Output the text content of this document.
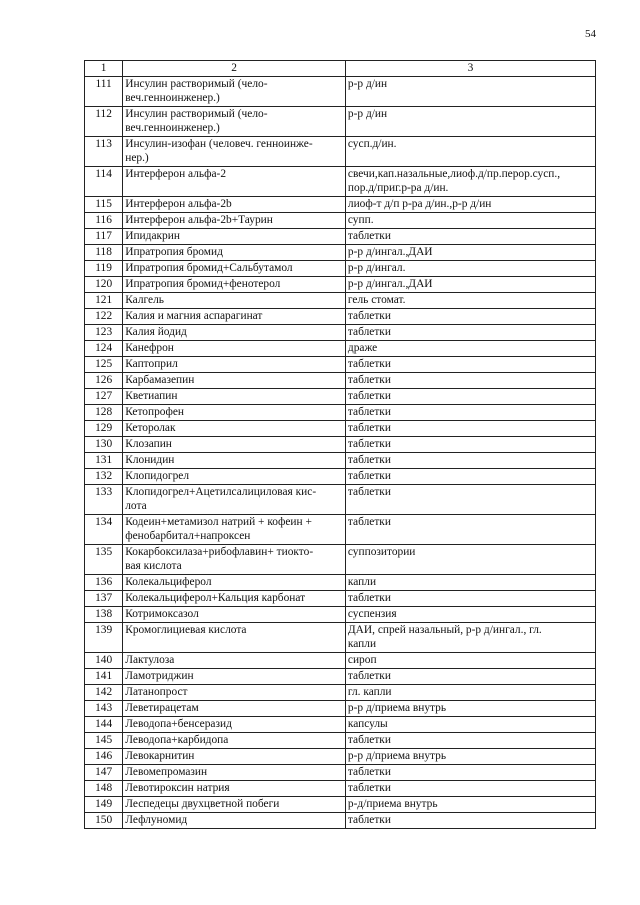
54
1	2	3
111	Инсулин растворимый (чело-
веч.генноинженер.)	р-р д/ин
112	Инсулин растворимый (чело-
веч.генноинженер.)	р-р д/ин
113	Инсулин-изофан (человеч. генноинже-
нер.)	сусп.д/ин.
114	Интерферон альфа-2	свечи,кап.назальные,лиоф.д/пр.перор.сусп.,
пор.д/приг.р-ра д/ин.
115	Интерферон альфа-2b	лиоф-т д/п р-ра д/ин.,р-р д/ин
116	Интерферон альфа-2b+Таурин	супп.
117	Ипидакрин	таблетки
118	Ипратропия бромид	р-р д/ингал.,ДАИ
119	Ипратропия бромид+Сальбутамол	р-р д/ингал.
120	Ипратропия бромид+фенотерол	р-р д/ингал.,ДАИ
121	Калгель	гель стомат.
122	Калия и магния аспарагинат	таблетки
123	Калия йодид	таблетки
124	Канефрон	драже
125	Каптоприл	таблетки
126	Карбамазепин	таблетки
127	Кветиапин	таблетки
128	Кетопрофен	таблетки
129	Кеторолак	таблетки
130	Клозапин	таблетки
131	Клонидин	таблетки
132	Клопидогрел	таблетки
133	Клопидогрел+Ацетилсалициловая кис-
лота	таблетки
134	Кодеин+метамизол натрий + кофеин +
фенобарбитал+напроксен	таблетки
135	Кокарбоксилаза+рибофлавин+ тиокто-
вая кислота	суппозитории
136	Колекальциферол	капли
137	Колекальциферол+Кальция карбонат	таблетки
138	Котримоксазол	суспензия
139	Кромоглициевая кислота	ДАИ, спрей назальный, р-р д/ингал., гл.
капли
140	Лактулоза	сироп
141	Ламотриджин	таблетки
142	Латанопрост	гл. капли
143	Леветирацетам	р-р д/приема внутрь
144	Леводопа+бенсеразид	капсулы
145	Леводопа+карбидопа	таблетки
146	Левокарнитин	р-р д/приема внутрь
147	Левомепромазин	таблетки
148	Левотироксин натрия	таблетки
149	Леспедецы двухцветной побеги	р-д/приема внутрь
150	Лефлуномид	таблетки
